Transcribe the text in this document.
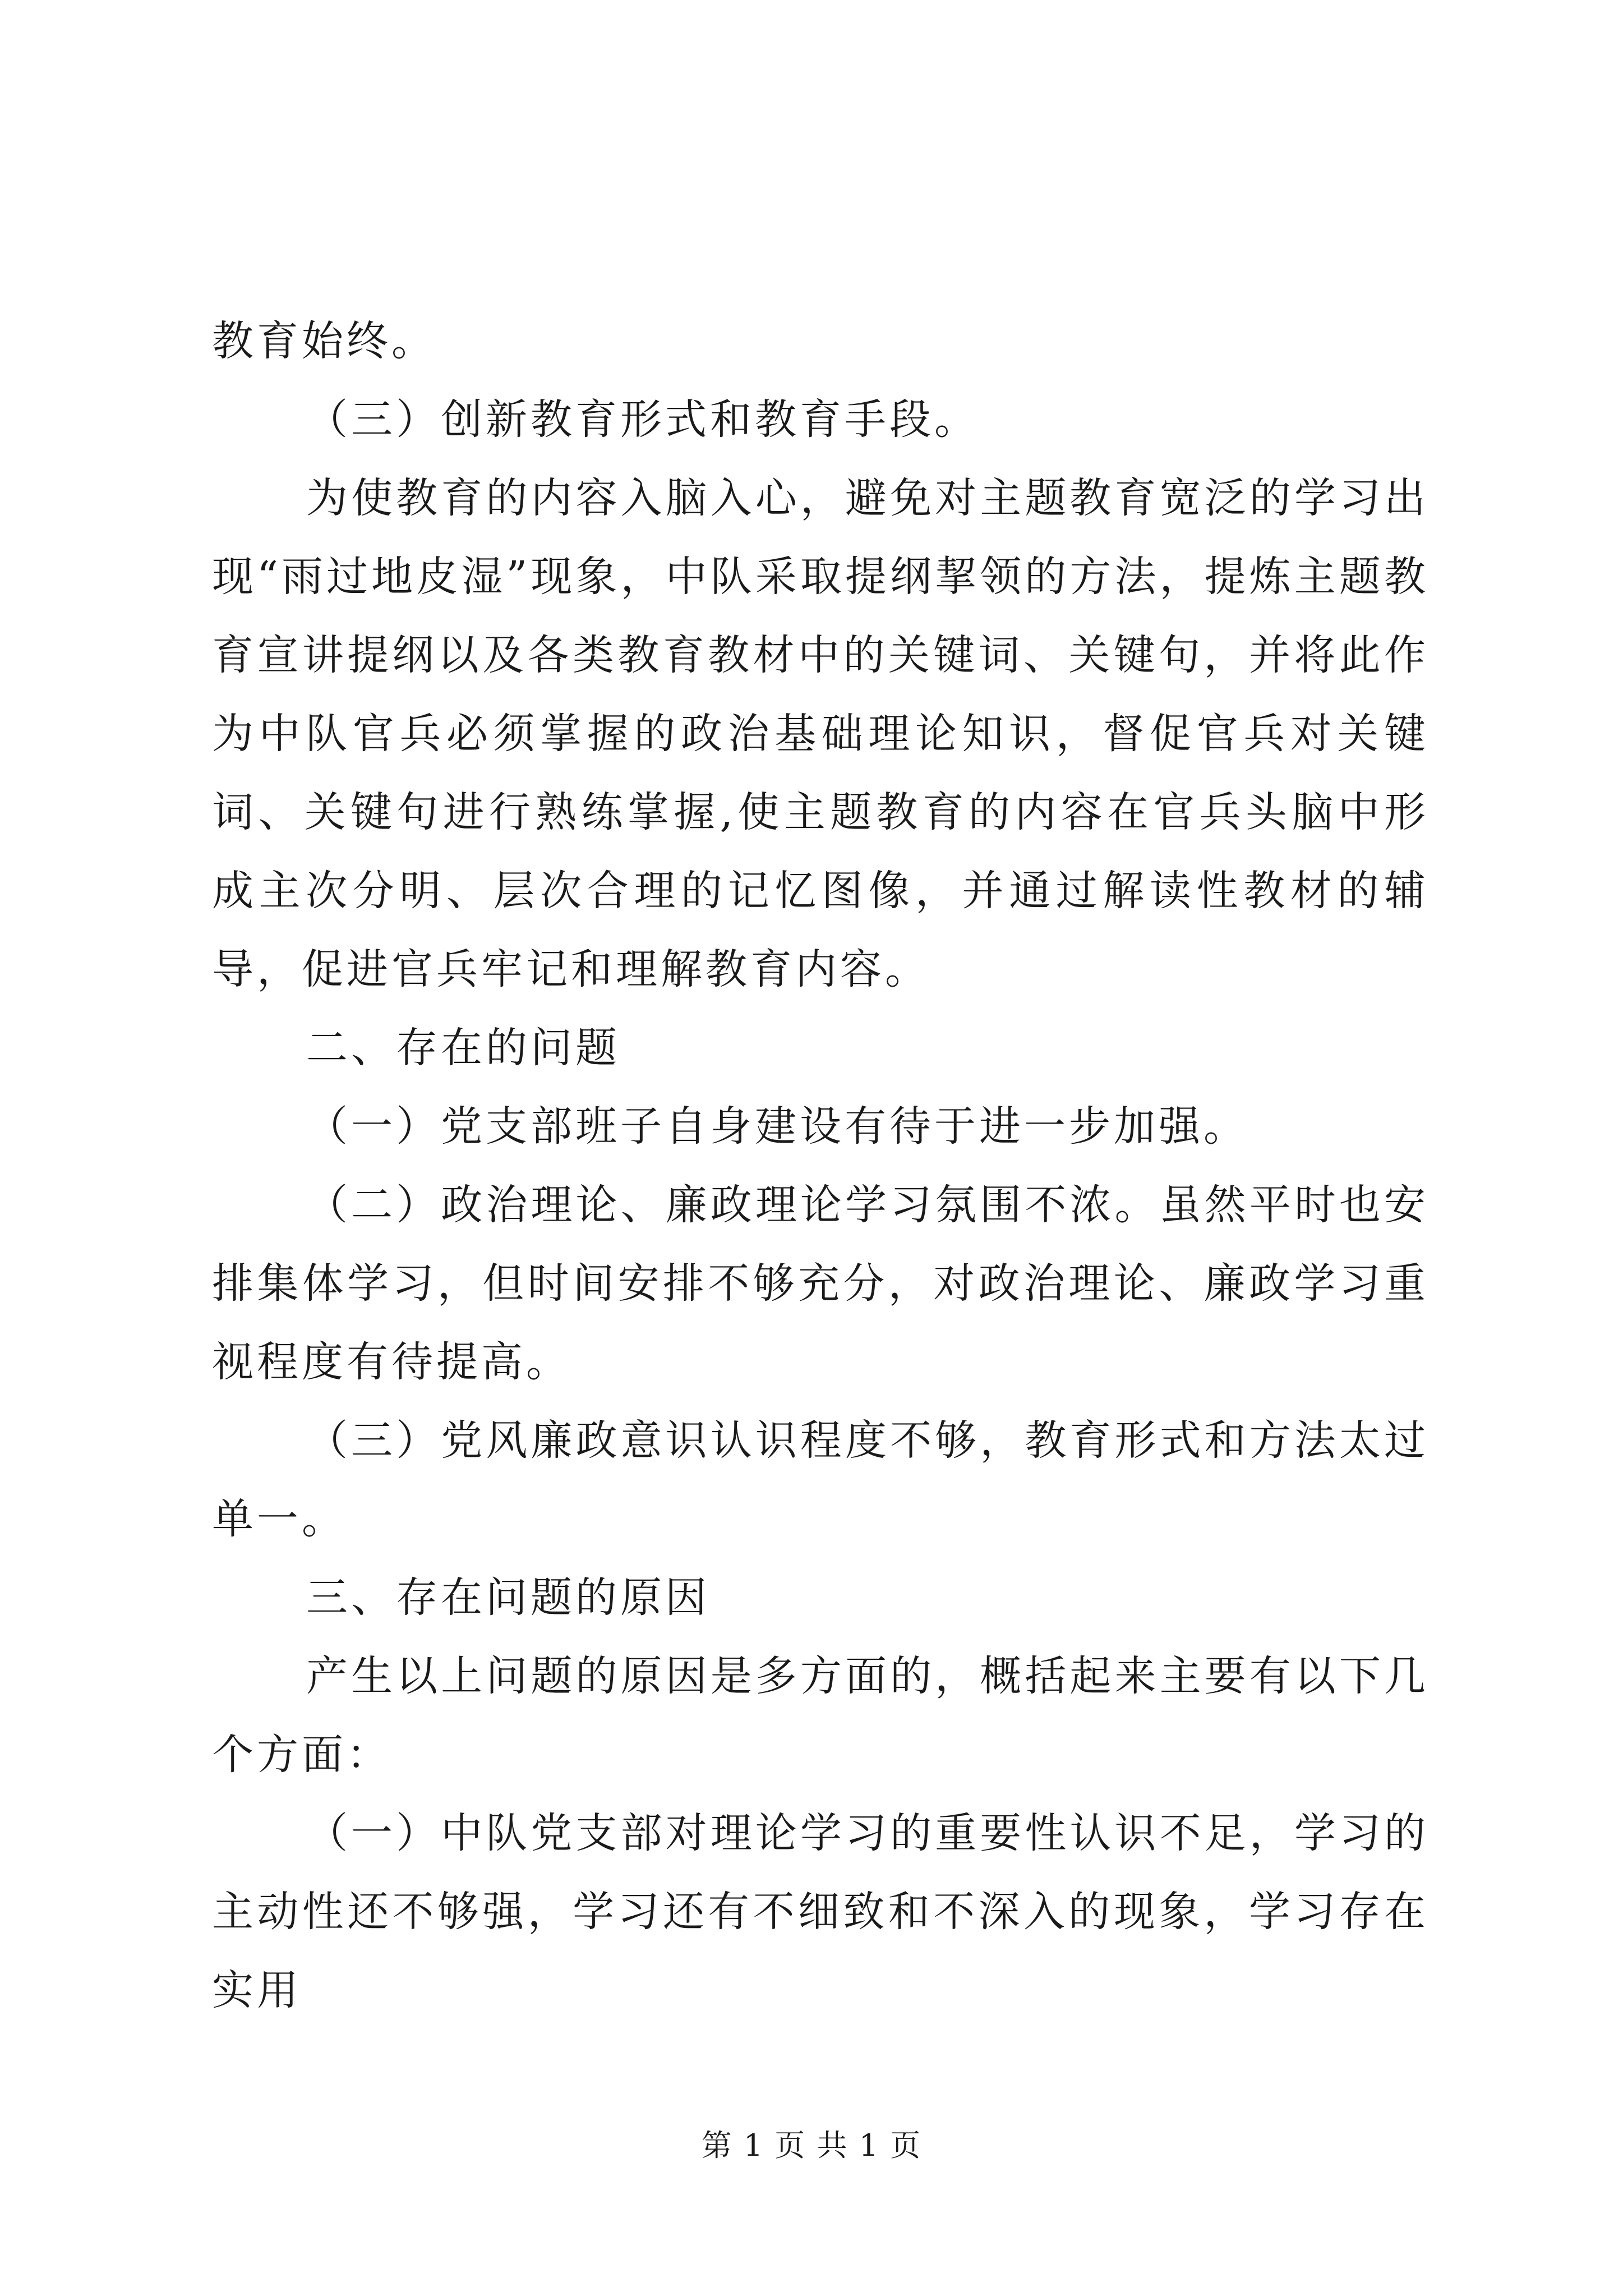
教育始终。

（三）创新教育形式和教育手段。

为使教育的内容入脑入心，避免对主题教育宽泛的学习出现“雨过地皮湿”现象，中队采取提纲挈领的方法，提炼主题教育宣讲提纲以及各类教育教材中的关键词、关键句，并将此作为中队官兵必须掌握的政治基础理论知识，督促官兵对关键词、关键句进行熟练掌握,使主题教育的内容在官兵头脑中形成主次分明、层次合理的记忆图像，并通过解读性教材的辅导，促进官兵牢记和理解教育内容。

二、存在的问题

（一）党支部班子自身建设有待于进一步加强。

（二）政治理论、廉政理论学习氛围不浓。虽然平时也安排集体学习，但时间安排不够充分，对政治理论、廉政学习重视程度有待提高。

（三）党风廉政意识认识程度不够，教育形式和方法太过单一。

三、存在问题的原因

产生以上问题的原因是多方面的，概括起来主要有以下几个方面：

（一）中队党支部对理论学习的重要性认识不足，学习的主动性还不够强，学习还有不细致和不深入的现象，学习存在实用

第 1 页 共 1 页
